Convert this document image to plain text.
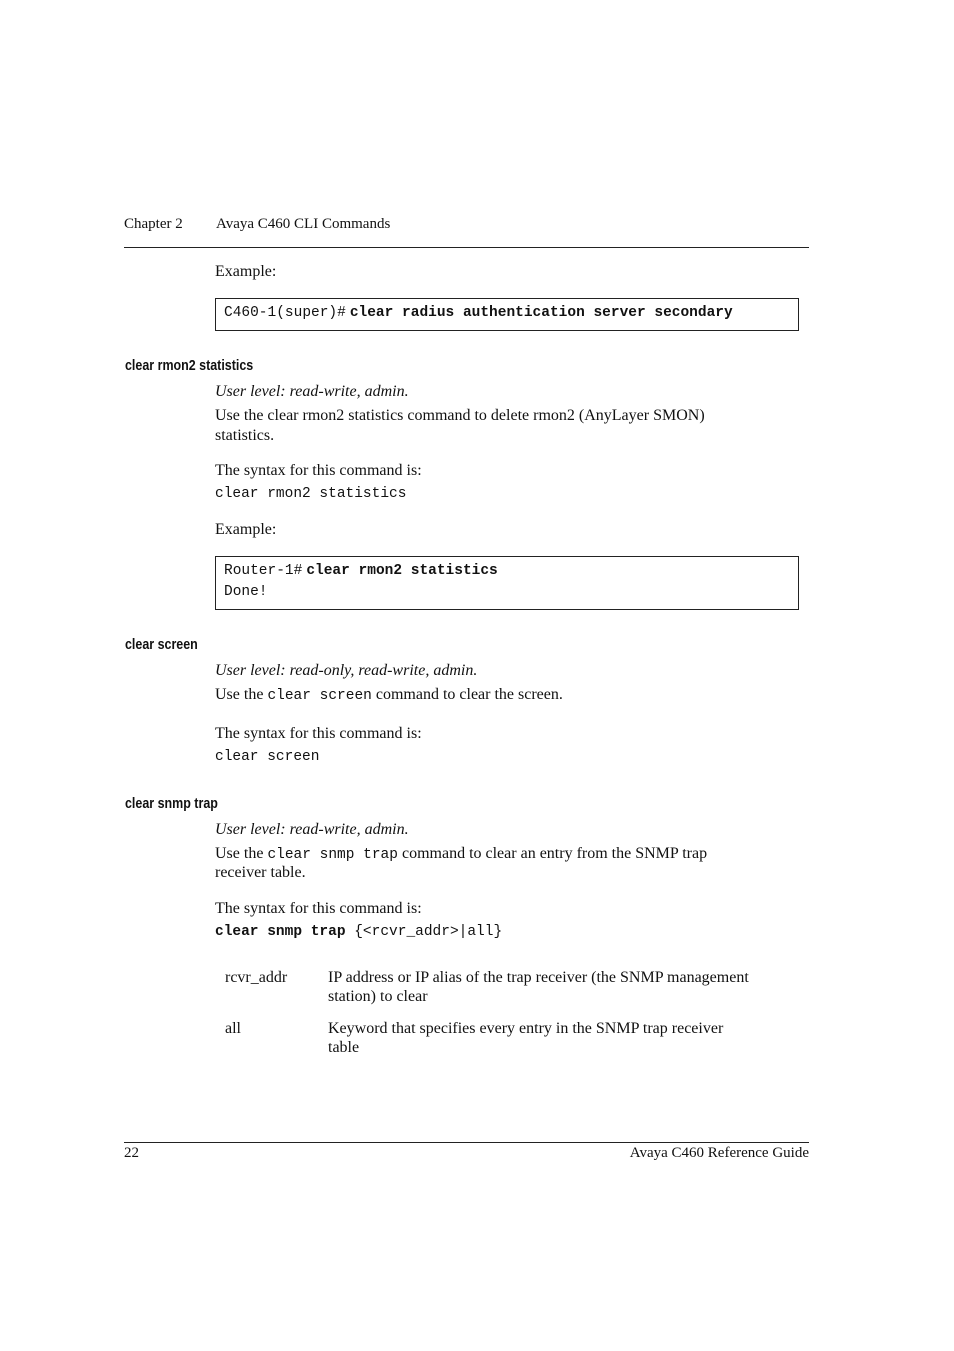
Chapter 2 Avaya C460 CLI Commands
Example:
C460-1(super)# clear radius authentication server secondary
clear rmon2 statistics
User level: read-write, admin.
Use the clear rmon2 statistics command to delete rmon2 (AnyLayer SMON)
statistics.
The syntax for this command is:
clear rmon2 statistics
Example:
Router-1# clear rmon2 statistics
Done!
clear screen
User level: read-only, read-write, admin.
Use the clear screen command to clear the screen.
The syntax for this command is:
clear screen
clear snmp trap
User level: read-write, admin.
Use the clear snmp trap command to clear an entry from the SNMP trap
receiver table.
The syntax for this command is:
clear snmp trap {<rcvr_addr>|all}
rcvr_addr	IP address or IP alias of the trap receiver (the SNMP management
station) to clear
all	Keyword that specifies every entry in the SNMP trap receiver
table
22	Avaya C460 Reference Guide
